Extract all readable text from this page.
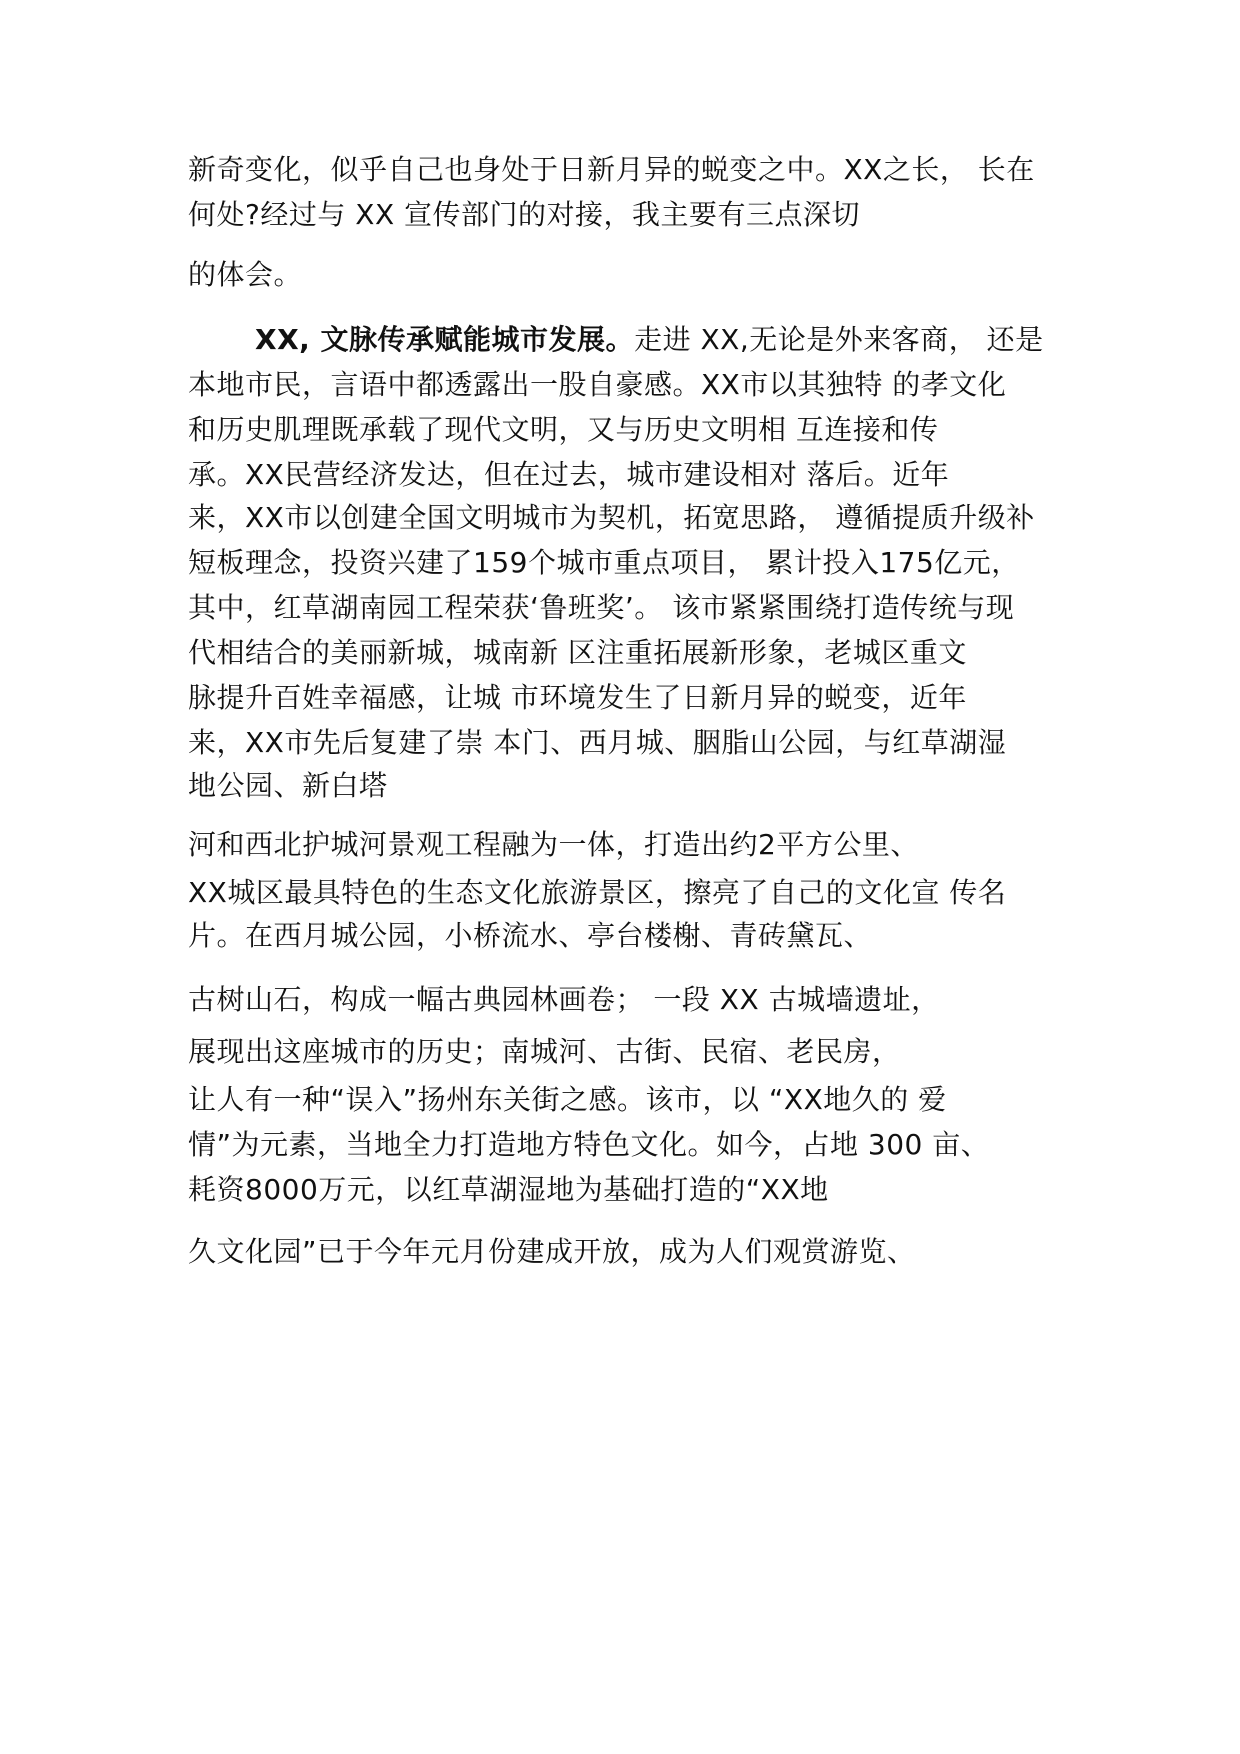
新奇变化，似乎自己也身处于日新月异的蜕变之中。XX之长， 长在
何处?经过与 XX 宣传部门的对接，我主要有三点深切
的体会。
XX, 文脉传承赋能城市发展。走进 XX,无论是外来客商， 还是
本地市民，言语中都透露出一股自豪感。XX市以其独特 的孝文化
和历史肌理既承载了现代文明，又与历史文明相 互连接和传
承。XX民营经济发达，但在过去，城市建设相对 落后。近年
来，XX市以创建全国文明城市为契机，拓宽思路， 遵循提质升级补
短板理念，投资兴建了159个城市重点项目， 累计投入175亿元，
其中，红草湖南园工程荣获‘鲁班奖’。 该市紧紧围绕打造传统与现
代相结合的美丽新城，城南新 区注重拓展新形象，老城区重文
脉提升百姓幸福感，让城 市环境发生了日新月异的蜕变，近年
来，XX市先后复建了崇 本门、西月城、胭脂山公园，与红草湖湿
地公园、新白塔
河和西北护城河景观工程融为一体，打造出约2平方公里、
XX城区最具特色的生态文化旅游景区，擦亮了自己的文化宣 传名
片。在西月城公园，小桥流水、亭台楼榭、青砖黛瓦、
古树山石，构成一幅古典园林画卷； 一段 XX 古城墙遗址，
展现出这座城市的历史；南城河、古街、民宿、老民房，
让人有一种“误入”扬州东关街之感。该市，以 “XX地久的 爱
情”为元素，当地全力打造地方特色文化。如今，占地 300 亩、
耗资8000万元，以红草湖湿地为基础打造的“XX地
久文化园”已于今年元月份建成开放，成为人们观赏游览、
